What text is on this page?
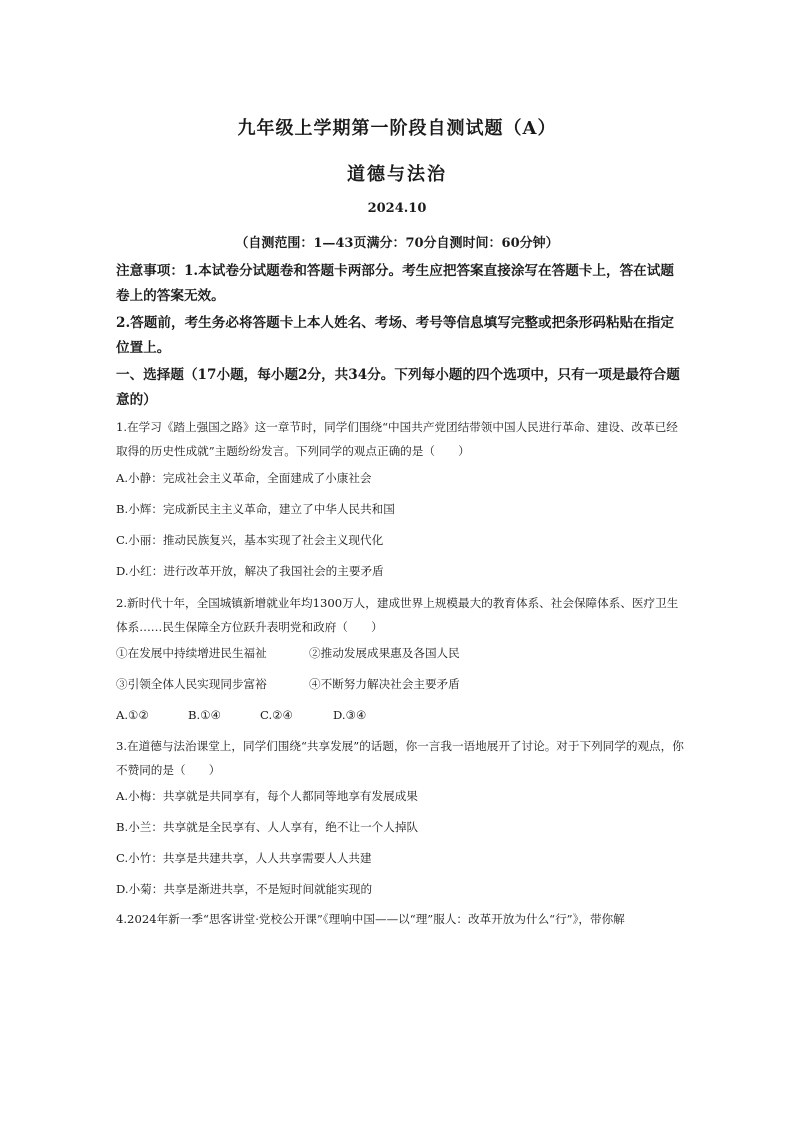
九年级上学期第一阶段自测试题（A）
道德与法治
2024.10
（自测范围：1—43页满分：70分自测时间：60分钟）
注意事项：1.本试卷分试题卷和答题卡两部分。考生应把答案直接涂写在答题卡上，答在试题卷上的答案无效。
2.答题前，考生务必将答题卡上本人姓名、考场、考号等信息填写完整或把条形码粘贴在指定位置上。
一、选择题（17小题，每小题2分，共34分。下列每小题的四个选项中，只有一项是最符合题意的）
1.在学习《踏上强国之路》这一章节时，同学们围绕“中国共产党团结带领中国人民进行革命、建设、改革已经取得的历史性成就”主题纷纷发言。下列同学的观点正确的是（　　）
A.小静：完成社会主义革命，全面建成了小康社会
B.小辉：完成新民主主义革命，建立了中华人民共和国
C.小丽：推动民族复兴，基本实现了社会主义现代化
D.小红：进行改革开放，解决了我国社会的主要矛盾
2.新时代十年，全国城镇新增就业年均1300万人，建成世界上规模最大的教育体系、社会保障体系、医疗卫生体系……民生保障全方位跃升表明党和政府（　　）
①在发展中持续增进民生福祉	②推动发展成果惠及各国人民
③引领全体人民实现同步富裕	④不断努力解决社会主要矛盾
A.①②	B.①④	C.②④	D.③④
3.在道德与法治课堂上，同学们围绕“共享发展”的话题，你一言我一语地展开了讨论。对于下列同学的观点，你不赞同的是（　　）
A.小梅：共享就是共同享有，每个人都同等地享有发展成果
B.小兰：共享就是全民享有、人人享有，绝不让一个人掉队
C.小竹：共享是共建共享，人人共享需要人人共建
D.小菊：共享是渐进共享，不是短时间就能实现的
4.2024年新一季“思客讲堂·党校公开课”《理响中国——以“理”服人：改革开放为什么“行”》，带你解
